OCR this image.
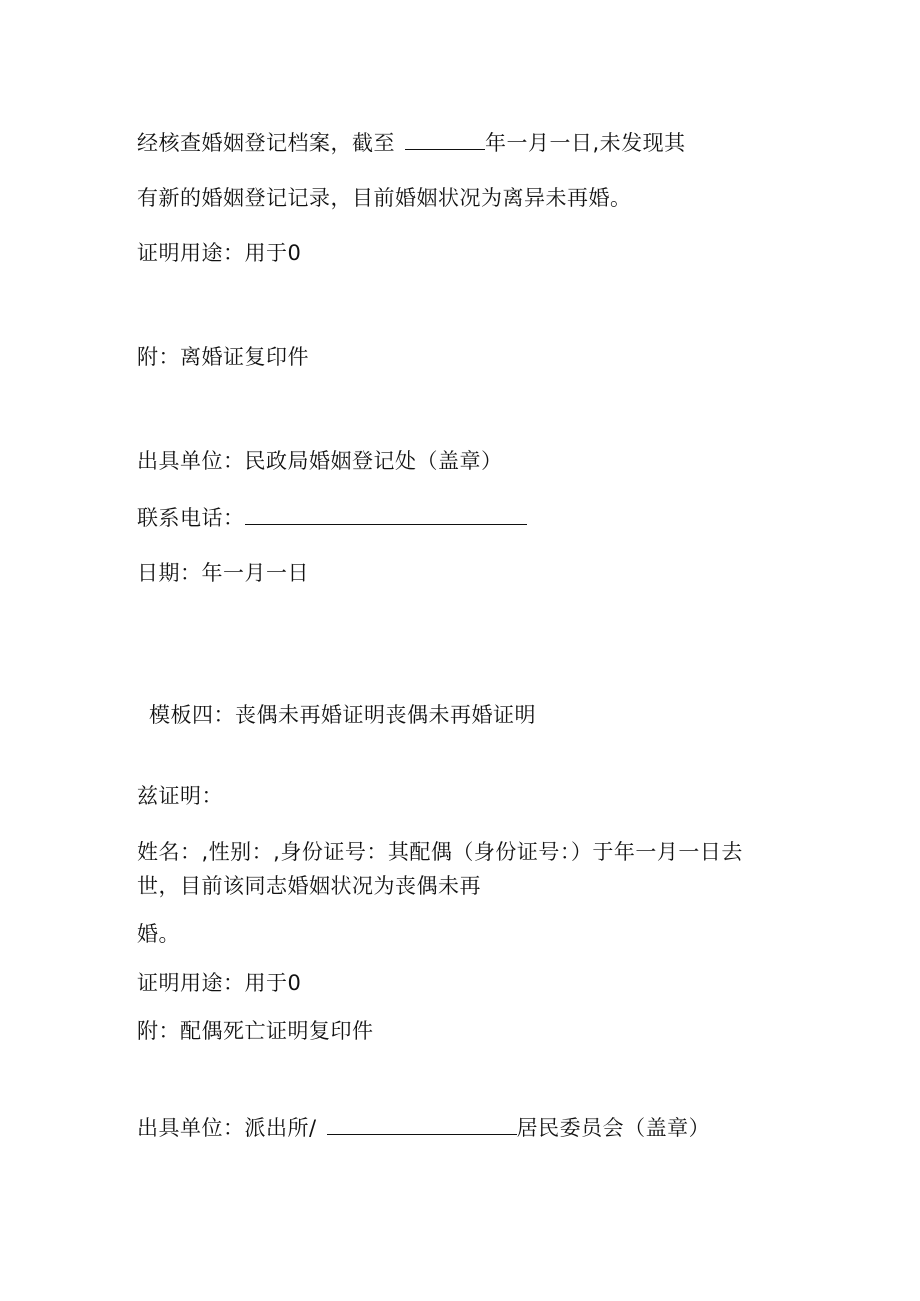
经核查婚姻登记档案，截至	年一月一日,未发现其
有新的婚姻登记记录，目前婚姻状况为离异未再婚。
证明用途：用于0
附：离婚证复印件
出具单位：民政局婚姻登记处（盖章）
联系电话：
日期：年一月一日
模板四：丧偶未再婚证明丧偶未再婚证明
兹证明：
姓名：,性别：,身份证号：其配偶（身份证号：）于年一月一日去
世，目前该同志婚姻状况为丧偶未再
婚。
证明用途：用于0
附：配偶死亡证明复印件
出具单位：派出所/	居民委员会（盖章）
